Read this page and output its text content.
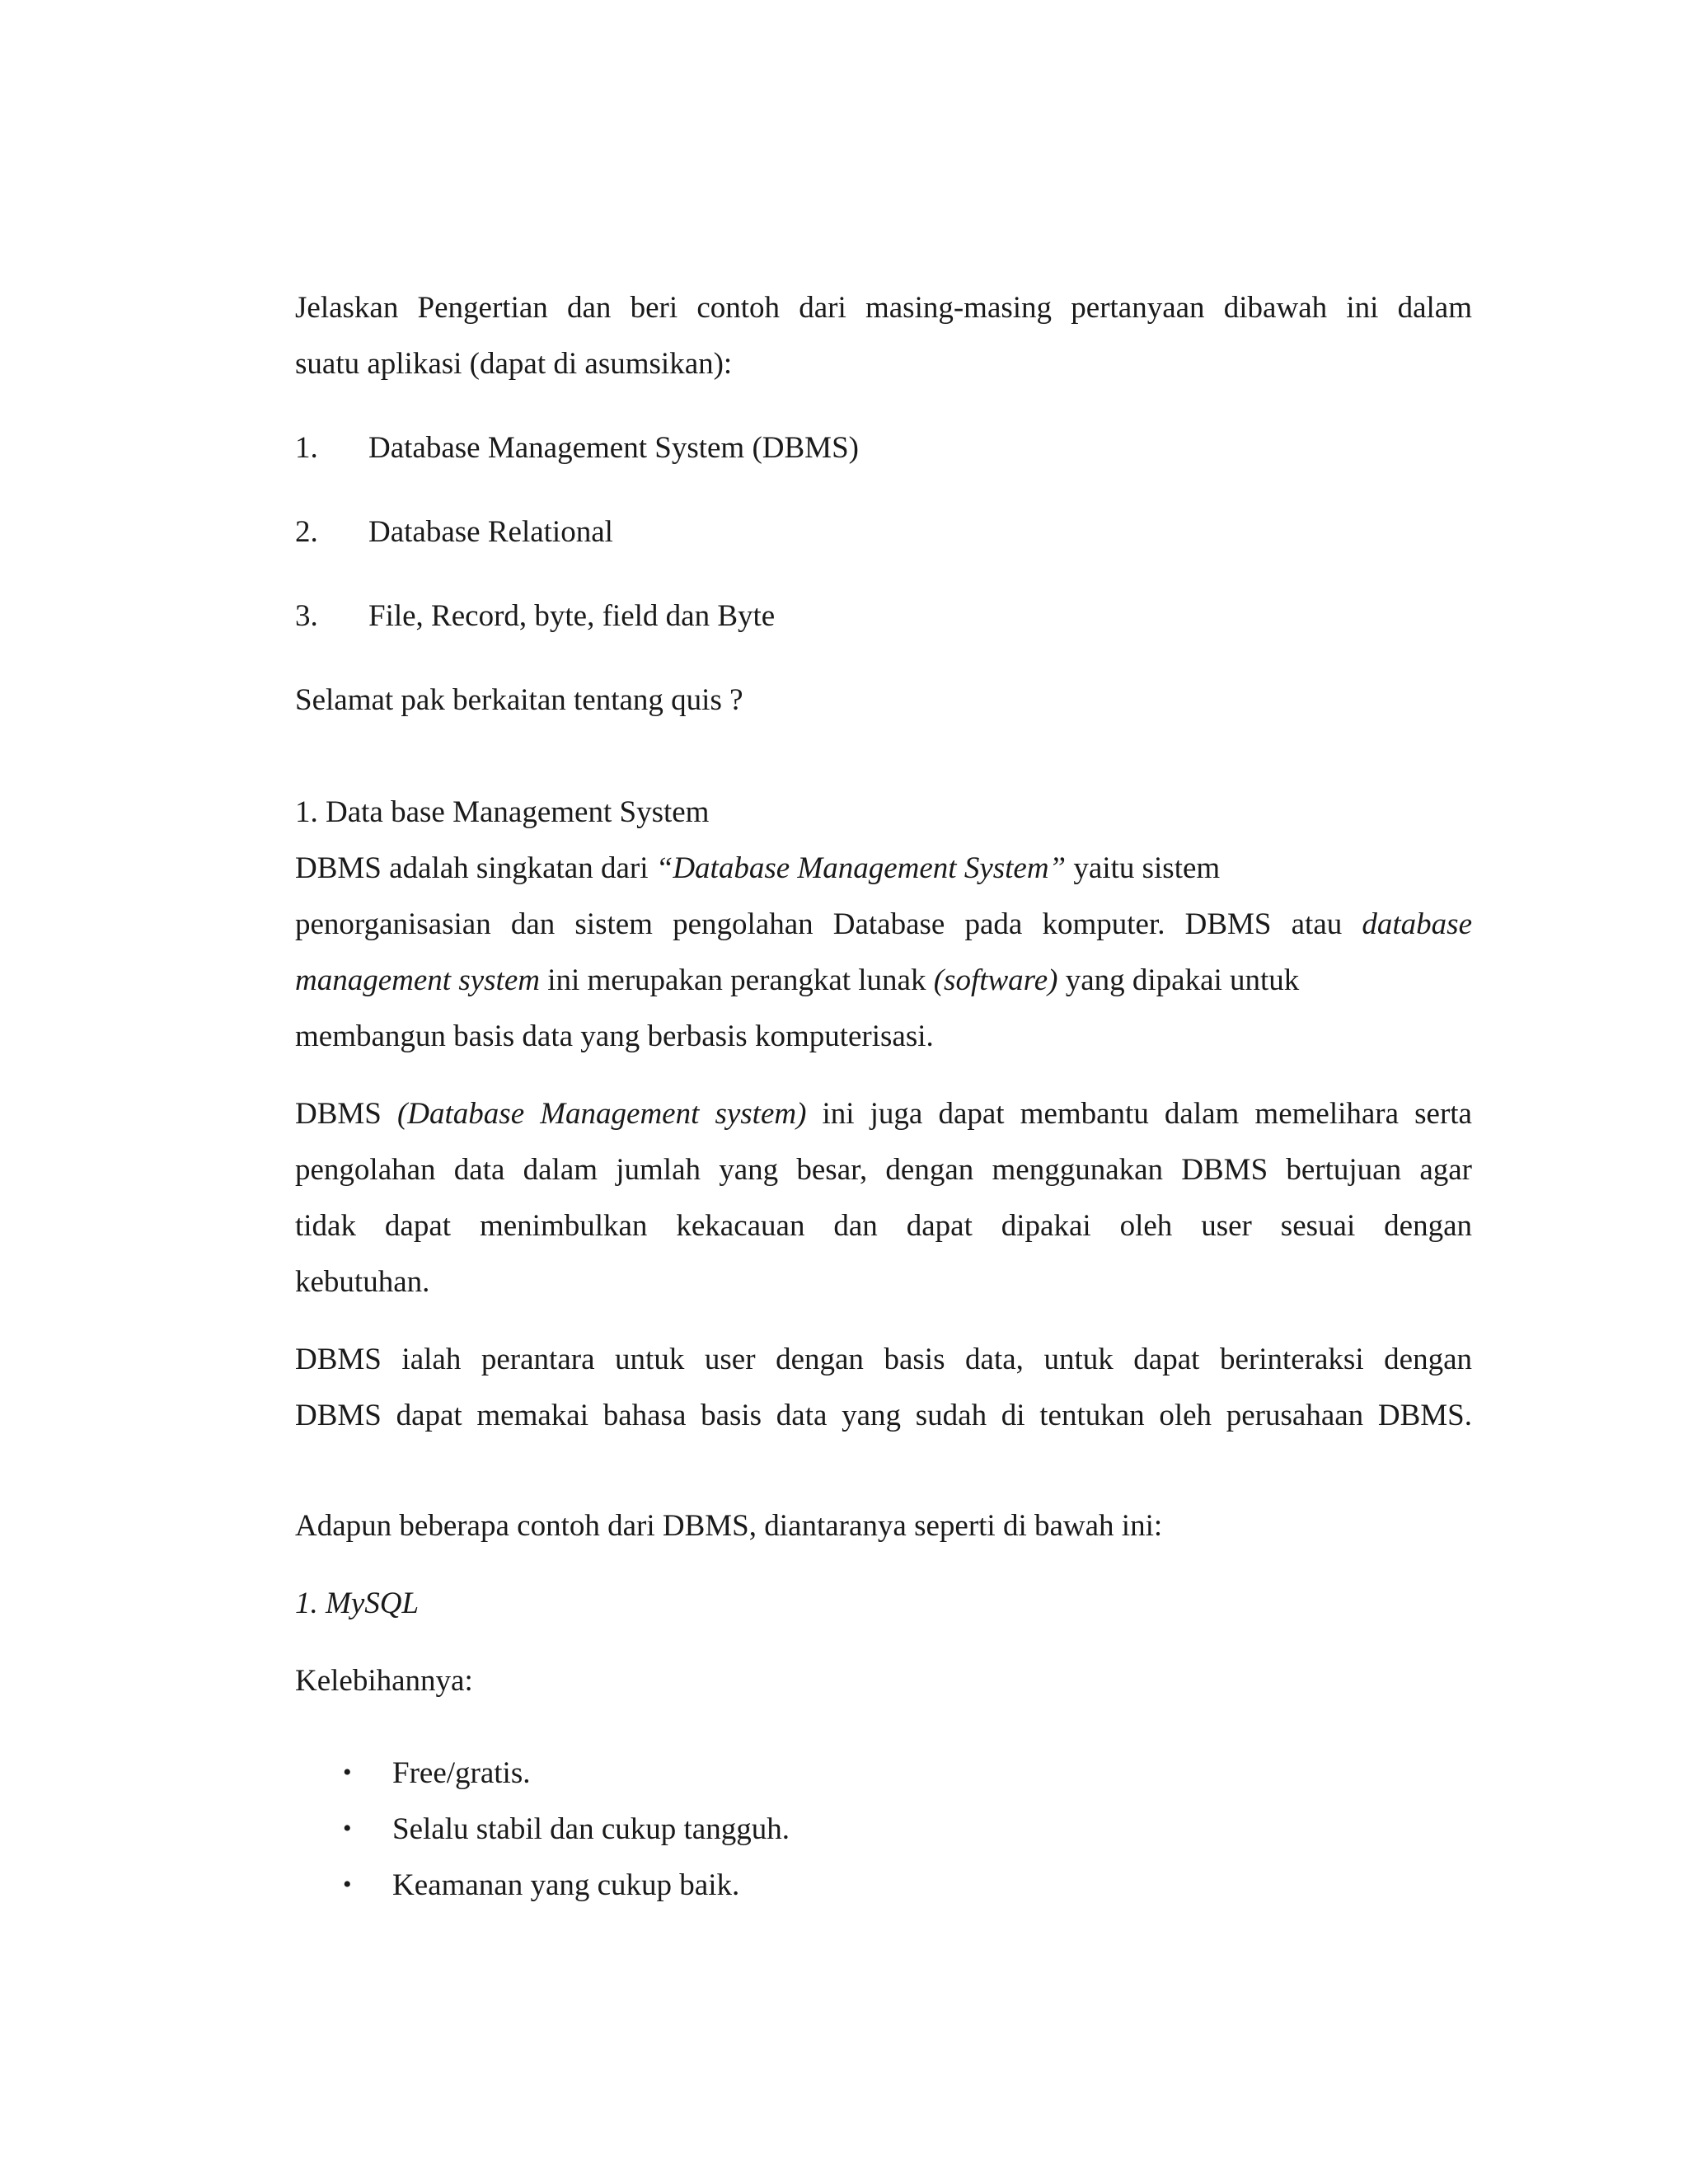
Jelaskan Pengertian dan beri contoh dari masing-masing pertanyaan dibawah ini dalam
suatu aplikasi (dapat di asumsikan):
1. Database Management System (DBMS)
2. Database Relational
3. File, Record, byte, field dan Byte
Selamat pak berkaitan tentang quis ?
1. Data base Management System
DBMS adalah singkatan dari “Database Management System” yaitu sistem
penorganisasian dan sistem pengolahan Database pada komputer. DBMS atau database
management system ini merupakan perangkat lunak (software) yang dipakai untuk
membangun basis data yang berbasis komputerisasi.
DBMS (Database Management system) ini juga dapat membantu dalam memelihara serta
pengolahan data dalam jumlah yang besar, dengan menggunakan DBMS bertujuan agar
tidak dapat menimbulkan kekacauan dan dapat dipakai oleh user sesuai dengan
kebutuhan.
DBMS ialah perantara untuk user dengan basis data, untuk dapat berinteraksi dengan
DBMS dapat memakai bahasa basis data yang sudah di tentukan oleh perusahaan DBMS.
Adapun beberapa contoh dari DBMS, diantaranya seperti di bawah ini:
1. MySQL
Kelebihannya:
• Free/gratis.
• Selalu stabil dan cukup tangguh.
• Keamanan yang cukup baik.
